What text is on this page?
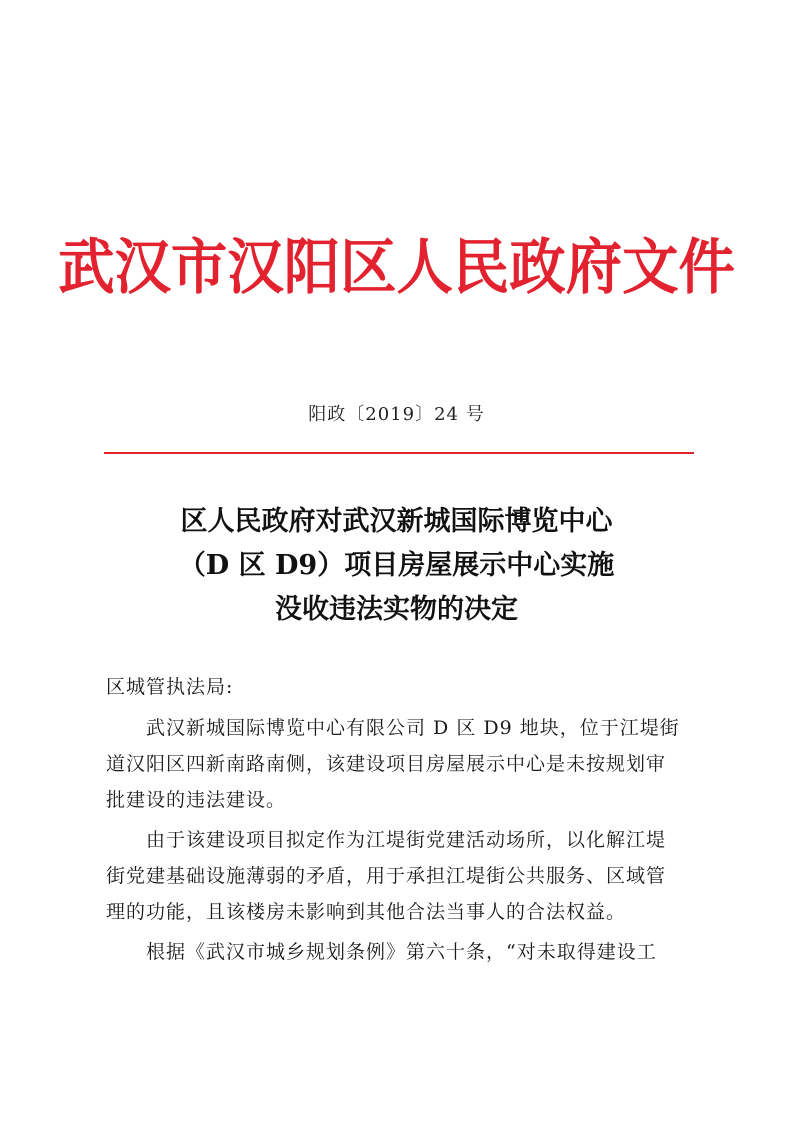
武汉市汉阳区人民政府文件
阳政〔2019〕24 号
区人民政府对武汉新城国际博览中心
（D 区 D9）项目房屋展示中心实施
没收违法实物的决定
区城管执法局:
武汉新城国际博览中心有限公司 D 区 D9 地块，位于江堤街
道汉阳区四新南路南侧，该建设项目房屋展示中心是未按规划审
批建设的违法建设。
由于该建设项目拟定作为江堤街党建活动场所，以化解江堤
街党建基础设施薄弱的矛盾，用于承担江堤街公共服务、区域管
理的功能，且该楼房未影响到其他合法当事人的合法权益。
根据《武汉市城乡规划条例》第六十条，“对未取得建设工
